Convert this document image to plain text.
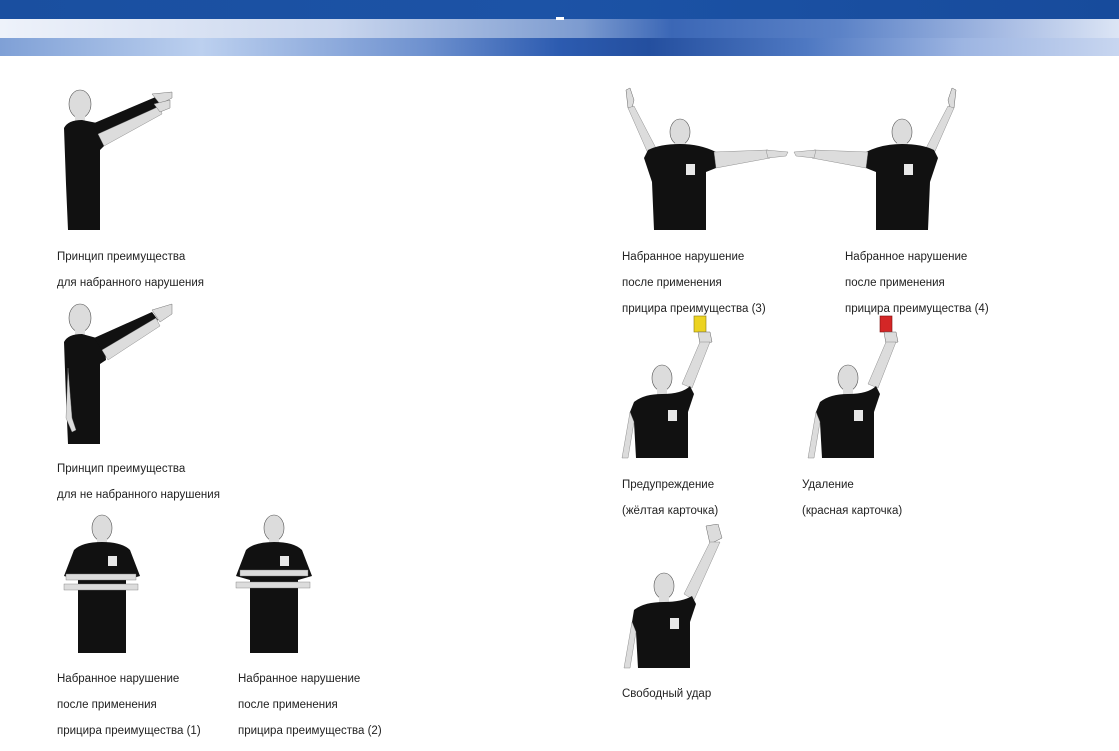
Принцип преимущества

для набранного нарушения

Принцип преимущества

для не набранного нарушения

Набранное нарушение

после применения

прицира преимущества (1)

Набранное нарушение

после применения

прицира преимущества (2)

Набранное нарушение

после применения

прицира преимущества (3)

Набранное нарушение

после применения

прицира преимущества (4)

Предупреждение

(жёлтая карточка)

Удаление

(красная карточка)

Свободный удар
